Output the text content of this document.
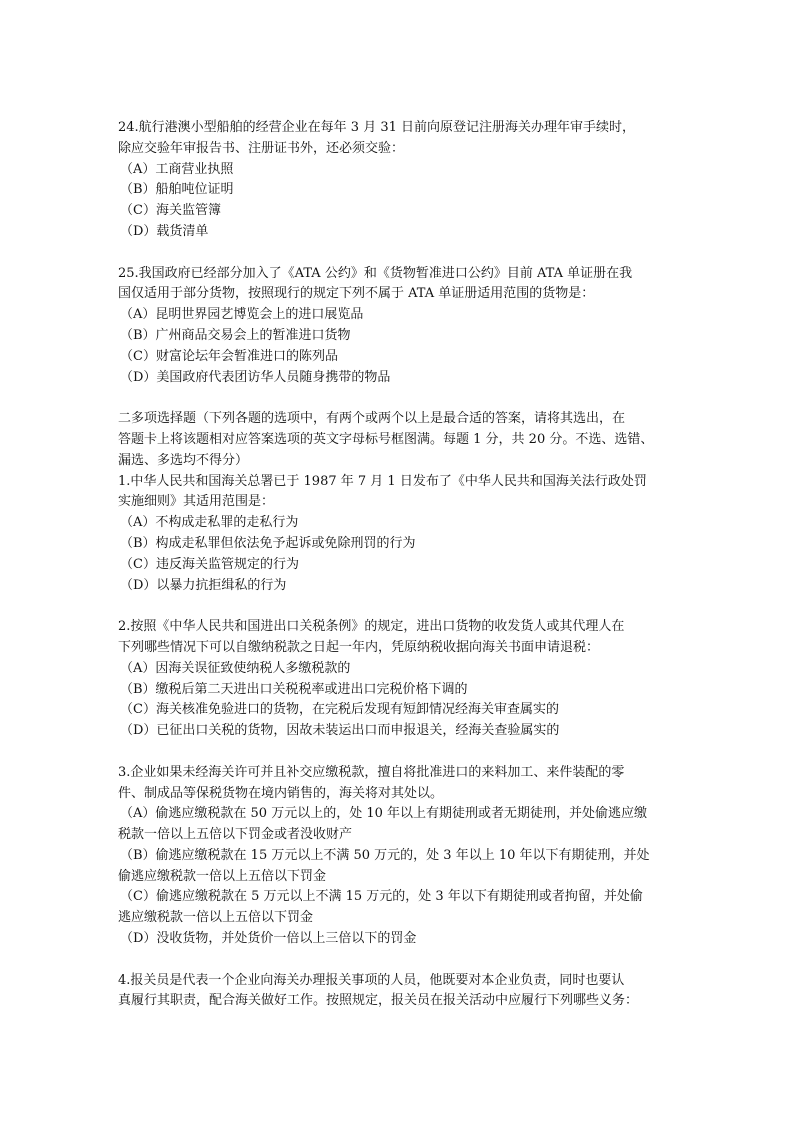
24.航行港澳小型船舶的经营企业在每年 3 月 31 日前向原登记注册海关办理年审手续时，
除应交验年审报告书、注册证书外，还必须交验：
（A）工商营业执照
（B）船舶吨位证明
（C）海关监管簿
（D）载货清单
25.我国政府已经部分加入了《ATA 公约》和《货物暂准进口公约》目前 ATA 单证册在我
国仅适用于部分货物，按照现行的规定下列不属于 ATA 单证册适用范围的货物是：
（A）昆明世界园艺博览会上的进口展览品
（B）广州商品交易会上的暂准进口货物
（C）财富论坛年会暂准进口的陈列品
（D）美国政府代表团访华人员随身携带的物品
二多项选择题（下列各题的选项中，有两个或两个以上是最合适的答案，请将其选出，在
答题卡上将该题相对应答案选项的英文字母标号框图满。每题 1 分，共 20 分。不选、选错、
漏选、多选均不得分）
1.中华人民共和国海关总署已于 1987 年 7 月 1 日发布了《中华人民共和国海关法行政处罚
实施细则》其适用范围是：
（A）不构成走私罪的走私行为
（B）构成走私罪但依法免予起诉或免除刑罚的行为
（C）违反海关监管规定的行为
（D）以暴力抗拒缉私的行为
2.按照《中华人民共和国进出口关税条例》的规定，进出口货物的收发货人或其代理人在
下列哪些情况下可以自缴纳税款之日起一年内，凭原纳税收据向海关书面申请退税：
（A）因海关误征致使纳税人多缴税款的
（B）缴税后第二天进出口关税税率或进出口完税价格下调的
（C）海关核准免验进口的货物，在完税后发现有短卸情况经海关审查属实的
（D）已征出口关税的货物，因故未装运出口而申报退关，经海关查验属实的
3.企业如果未经海关许可并且补交应缴税款，擅自将批准进口的来料加工、来件装配的零
件、制成品等保税货物在境内销售的，海关将对其处以。
（A）偷逃应缴税款在 50 万元以上的，处 10 年以上有期徒刑或者无期徒刑，并处偷逃应缴
税款一倍以上五倍以下罚金或者没收财产
（B）偷逃应缴税款在 15 万元以上不满 50 万元的，处 3 年以上 10 年以下有期徒刑，并处
偷逃应缴税款一倍以上五倍以下罚金
（C）偷逃应缴税款在 5 万元以上不满 15 万元的，处 3 年以下有期徒刑或者拘留，并处偷
逃应缴税款一倍以上五倍以下罚金
（D）没收货物，并处货价一倍以上三倍以下的罚金
4.报关员是代表一个企业向海关办理报关事项的人员，他既要对本企业负责，同时也要认
真履行其职责，配合海关做好工作。按照规定，报关员在报关活动中应履行下列哪些义务：
